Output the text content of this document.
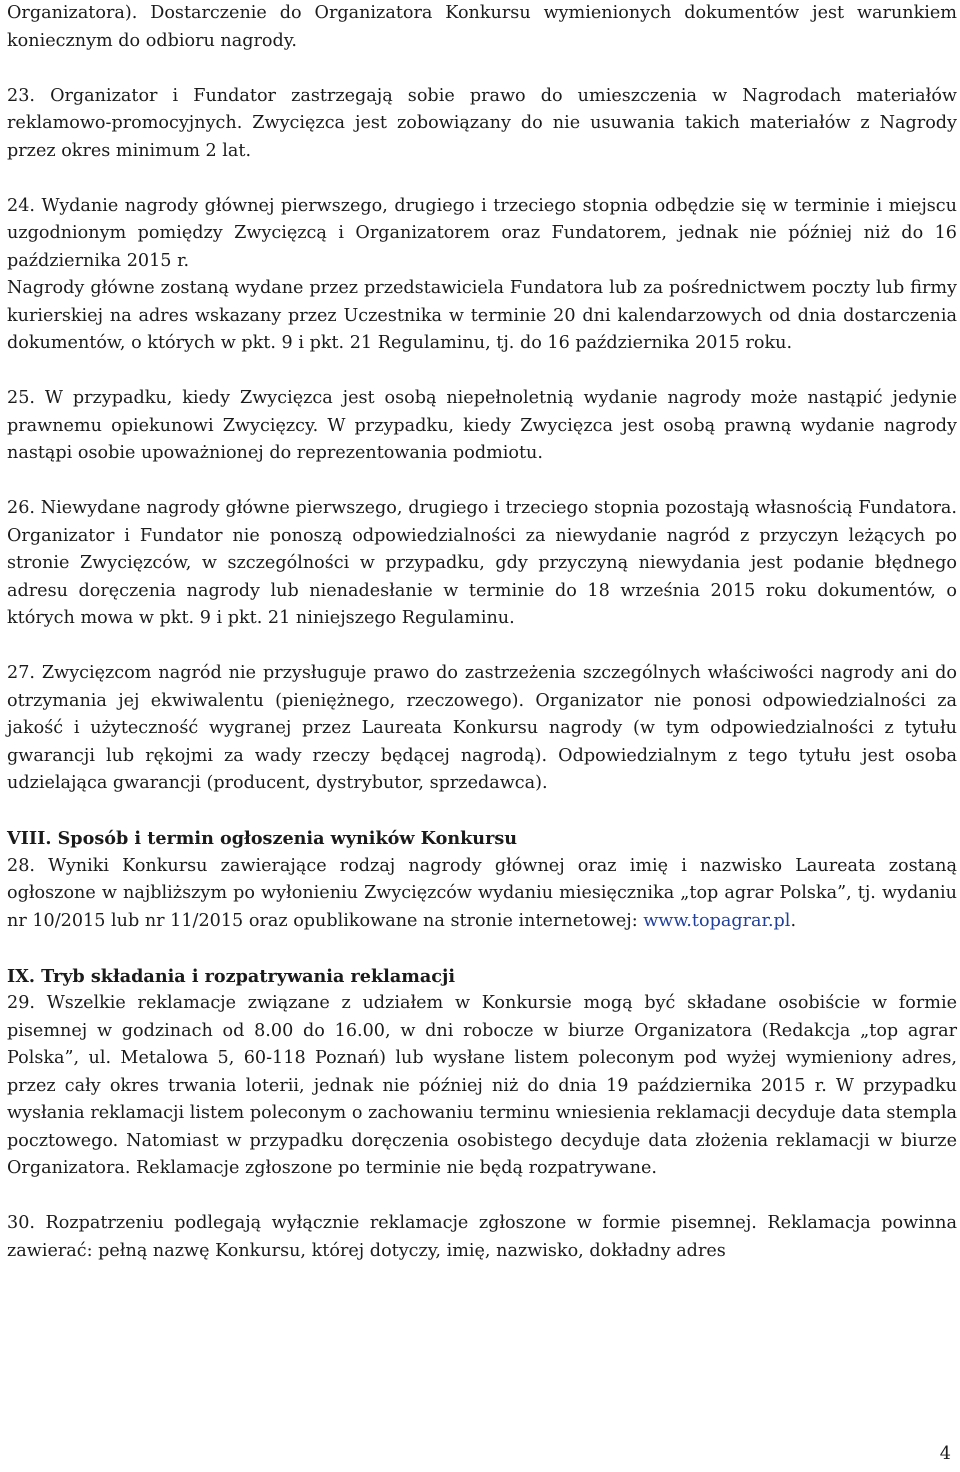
Organizatora). Dostarczenie do Organizatora Konkursu wymienionych dokumentów jest warunkiem koniecznym do odbioru nagrody.

23. Organizator i Fundator zastrzegają sobie prawo do umieszczenia w Nagrodach materiałów reklamowo-promocyjnych. Zwycięzca jest zobowiązany do nie usuwania takich materiałów z Nagrody przez okres minimum 2 lat.

24. Wydanie nagrody głównej pierwszego, drugiego i trzeciego stopnia odbędzie się w terminie i miejscu uzgodnionym pomiędzy Zwycięzcą i Organizatorem oraz Fundatorem, jednak nie później niż do 16 października 2015 r.

Nagrody główne zostaną wydane przez przedstawiciela Fundatora lub za pośrednictwem poczty lub firmy kurierskiej na adres wskazany przez Uczestnika w terminie 20 dni kalendarzowych od dnia dostarczenia dokumentów, o których w pkt. 9 i pkt. 21 Regulaminu, tj. do 16 października 2015 roku.

25. W przypadku, kiedy Zwycięzca jest osobą niepełnoletnią wydanie nagrody może nastąpić jedynie prawnemu opiekunowi Zwycięzcy. W przypadku, kiedy Zwycięzca jest osobą prawną wydanie nagrody nastąpi osobie upoważnionej do reprezentowania podmiotu.

26. Niewydane nagrody główne pierwszego, drugiego i trzeciego stopnia pozostają własnością Fundatora. Organizator i Fundator nie ponoszą odpowiedzialności za niewydanie nagród z przyczyn leżących po stronie Zwycięzców, w szczególności w przypadku, gdy przyczyną niewydania jest podanie błędnego adresu doręczenia nagrody lub nienadesłanie w terminie do 18 września 2015 roku dokumentów, o których mowa w pkt. 9 i pkt. 21 niniejszego Regulaminu.

27. Zwycięzcom nagród nie przysługuje prawo do zastrzeżenia szczególnych właściwości nagrody ani do otrzymania jej ekwiwalentu (pieniężnego, rzeczowego). Organizator nie ponosi odpowiedzialności za jakość i użyteczność wygranej przez Laureata Konkursu nagrody (w tym odpowiedzialności z tytułu gwarancji lub rękojmi za wady rzeczy będącej nagrodą). Odpowiedzialnym z tego tytułu jest osoba udzielająca gwarancji (producent, dystrybutor, sprzedawca).

VIII. Sposób i termin ogłoszenia wyników Konkursu

28. Wyniki Konkursu zawierające rodzaj nagrody głównej oraz imię i nazwisko Laureata zostaną ogłoszone w najbliższym po wyłonieniu Zwycięzców wydaniu miesięcznika „top agrar Polska”, tj. wydaniu nr 10/2015 lub nr 11/2015 oraz opublikowane na stronie internetowej: www.topagrar.pl.

IX. Tryb składania i rozpatrywania reklamacji

29. Wszelkie reklamacje związane z udziałem w Konkursie mogą być składane osobiście w formie pisemnej w godzinach od 8.00 do 16.00, w dni robocze w biurze Organizatora (Redakcja „top agrar Polska”, ul. Metalowa 5, 60-118 Poznań) lub wysłane listem poleconym pod wyżej wymieniony adres, przez cały okres trwania loterii, jednak nie później niż do dnia 19 października 2015 r. W przypadku wysłania reklamacji listem poleconym o zachowaniu terminu wniesienia reklamacji decyduje data stempla pocztowego. Natomiast w przypadku doręczenia osobistego decyduje data złożenia reklamacji w biurze Organizatora. Reklamacje zgłoszone po terminie nie będą rozpatrywane.

30. Rozpatrzeniu podlegają wyłącznie reklamacje zgłoszone w formie pisemnej. Reklamacja powinna zawierać: pełną nazwę Konkursu, której dotyczy, imię, nazwisko, dokładny adres

4
